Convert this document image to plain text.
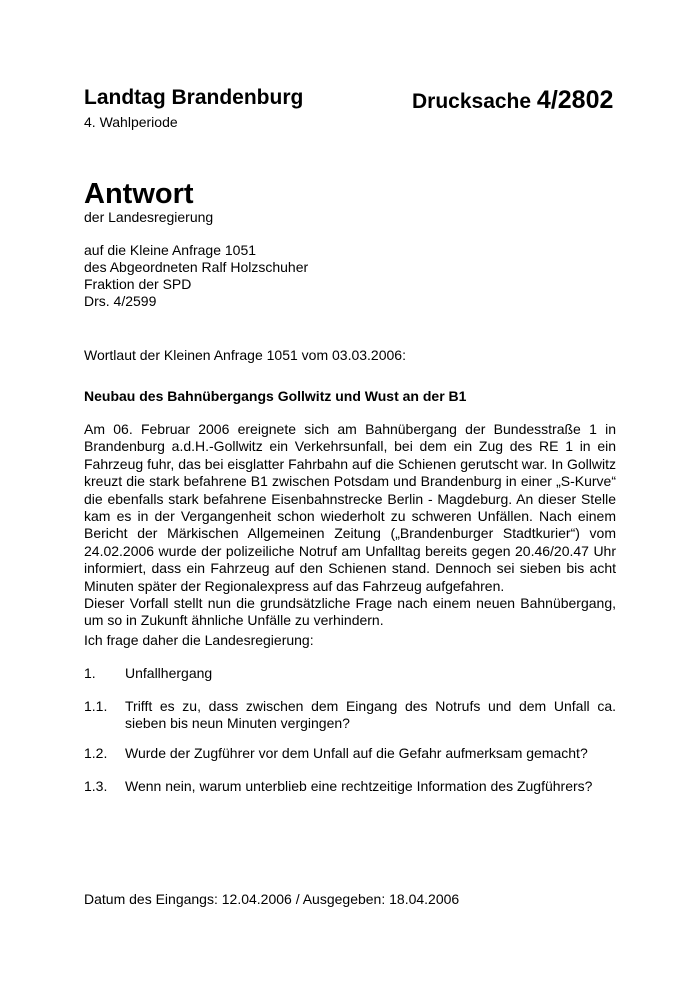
Landtag Brandenburg	Drucksache 4/2802
4. Wahlperiode
Antwort
der Landesregierung
auf die Kleine Anfrage 1051
des Abgeordneten Ralf Holzschuher
Fraktion der SPD
Drs. 4/2599
Wortlaut der Kleinen Anfrage 1051 vom 03.03.2006:
Neubau des Bahnübergangs Gollwitz und Wust an der B1

Am 06. Februar 2006 ereignete sich am Bahnübergang der Bundesstraße 1 in Brandenburg a.d.H.-Gollwitz ein Verkehrsunfall, bei dem ein Zug des RE 1 in ein Fahrzeug fuhr, das bei eisglatter Fahrbahn auf die Schienen gerutscht war. In Gollwitz kreuzt die stark befahrene B1 zwischen Potsdam und Brandenburg in einer „S-Kurve“ die ebenfalls stark befahrene Eisenbahnstrecke Berlin - Magdeburg. An dieser Stelle kam es in der Vergangenheit schon wiederholt zu schweren Unfällen. Nach einem Bericht der Märkischen Allgemeinen Zeitung („Brandenburger Stadtkurier“) vom 24.02.2006 wurde der polizeiliche Notruf am Unfalltag bereits gegen 20.46/20.47 Uhr informiert, dass ein Fahrzeug auf den Schienen stand. Dennoch sei sieben bis acht Minuten später der Regionalexpress auf das Fahrzeug aufgefahren.

Dieser Vorfall stellt nun die grundsätzliche Frage nach einem neuen Bahnübergang, um so in Zukunft ähnliche Unfälle zu verhindern.

Ich frage daher die Landesregierung:
1.	Unfallhergang
1.1.	Trifft es zu, dass zwischen dem Eingang des Notrufs und dem Unfall ca. sieben bis neun Minuten vergingen?
1.2.	Wurde der Zugführer vor dem Unfall auf die Gefahr aufmerksam gemacht?
1.3.	Wenn nein, warum unterblieb eine rechtzeitige Information des Zugführers?
Datum des Eingangs: 12.04.2006 / Ausgegeben: 18.04.2006
